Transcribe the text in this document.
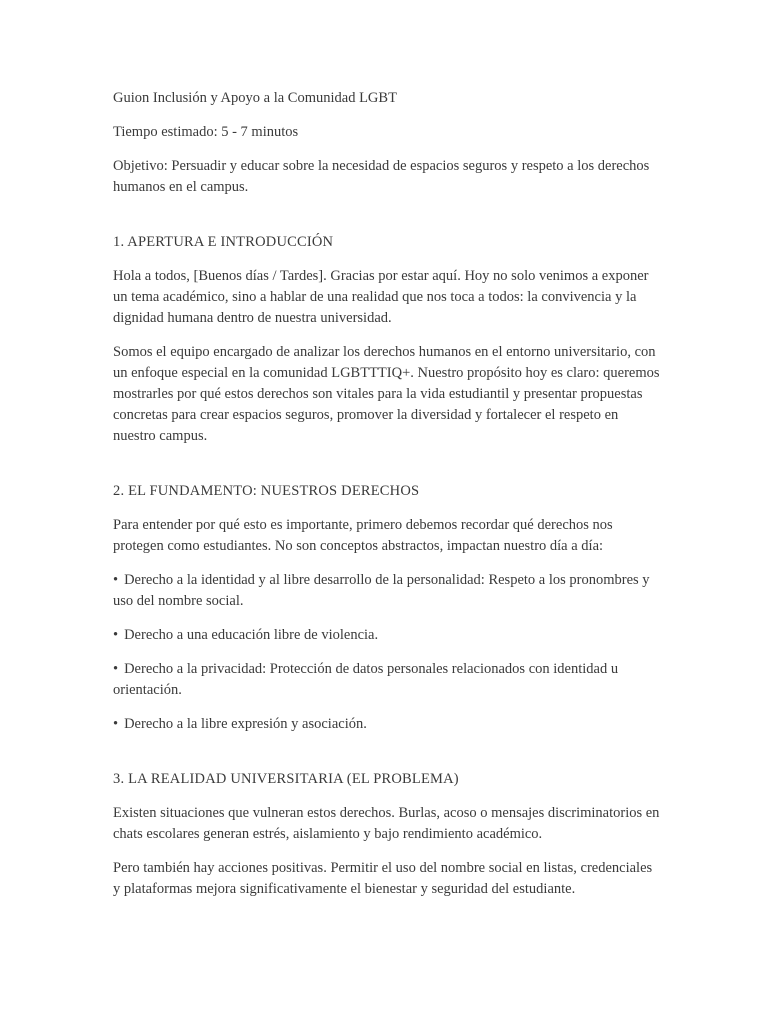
Guion Inclusión y Apoyo a la Comunidad LGBT

Tiempo estimado: 5 - 7 minutos

Objetivo: Persuadir y educar sobre la necesidad de espacios seguros y respeto a los derechos humanos en el campus.

1. APERTURA E INTRODUCCIÓN

Hola a todos, [Buenos días / Tardes]. Gracias por estar aquí. Hoy no solo venimos a exponer un tema académico, sino a hablar de una realidad que nos toca a todos: la convivencia y la dignidad humana dentro de nuestra universidad.

Somos el equipo encargado de analizar los derechos humanos en el entorno universitario, con un enfoque especial en la comunidad LGBTTTIQ+. Nuestro propósito hoy es claro: queremos mostrarles por qué estos derechos son vitales para la vida estudiantil y presentar propuestas concretas para crear espacios seguros, promover la diversidad y fortalecer el respeto en nuestro campus.

2. EL FUNDAMENTO: NUESTROS DERECHOS

Para entender por qué esto es importante, primero debemos recordar qué derechos nos protegen como estudiantes. No son conceptos abstractos, impactan nuestro día a día:

• Derecho a la identidad y al libre desarrollo de la personalidad: Respeto a los pronombres y uso del nombre social.

• Derecho a una educación libre de violencia.

• Derecho a la privacidad: Protección de datos personales relacionados con identidad u orientación.

• Derecho a la libre expresión y asociación.

3. LA REALIDAD UNIVERSITARIA (EL PROBLEMA)

Existen situaciones que vulneran estos derechos. Burlas, acoso o mensajes discriminatorios en chats escolares generan estrés, aislamiento y bajo rendimiento académico.

Pero también hay acciones positivas. Permitir el uso del nombre social en listas, credenciales y plataformas mejora significativamente el bienestar y seguridad del estudiante.
